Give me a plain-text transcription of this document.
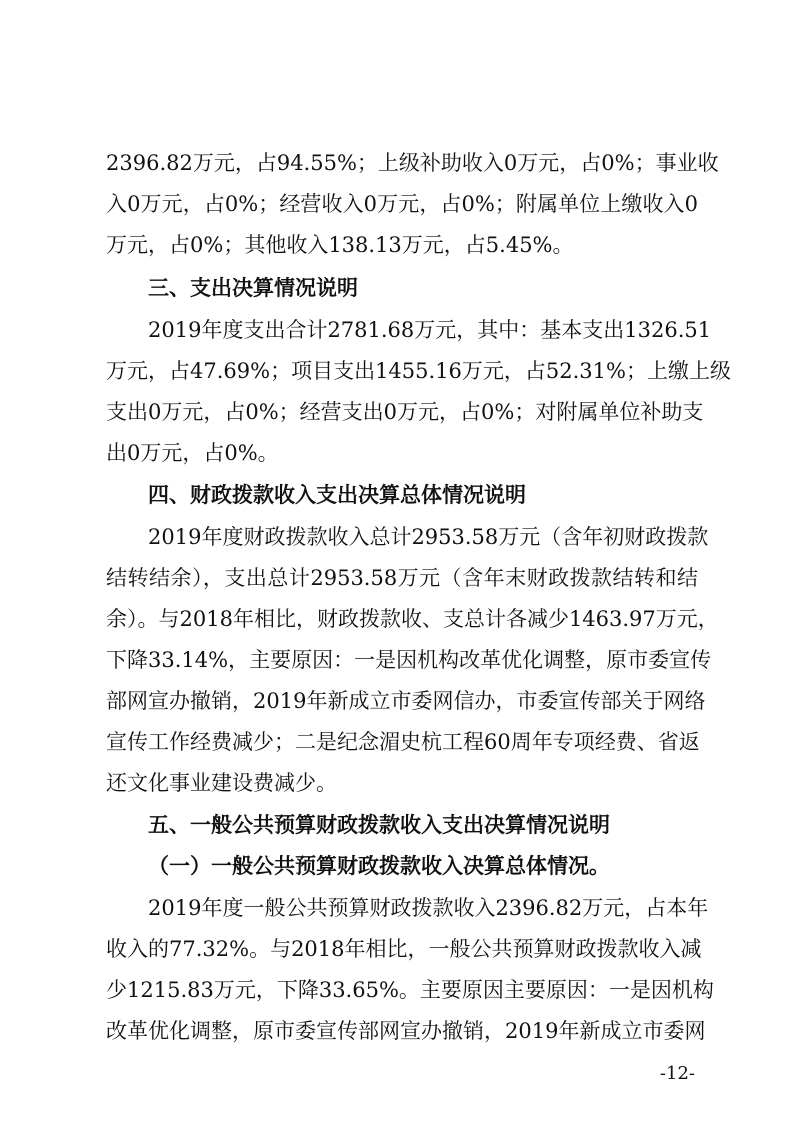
2396.82万元，占94.55%；上级补助收入0万元，占0%；事业收
入0万元，占0%；经营收入0万元，占0%；附属单位上缴收入0
万元，占0%；其他收入138.13万元，占5.45%。
三、支出决算情况说明
2019年度支出合计2781.68万元，其中：基本支出1326.51
万元，占47.69%；项目支出1455.16万元，占52.31%；上缴上级
支出0万元，占0%；经营支出0万元，占0%；对附属单位补助支
出0万元，占0%。
四、财政拨款收入支出决算总体情况说明
2019年度财政拨款收入总计2953.58万元（含年初财政拨款
结转结余），支出总计2953.58万元（含年末财政拨款结转和结
余）。与2018年相比，财政拨款收、支总计各减少1463.97万元，
下降33.14%，主要原因：一是因机构改革优化调整，原市委宣传
部网宣办撤销，2019年新成立市委网信办，市委宣传部关于网络
宣传工作经费减少；二是纪念湄史杭工程60周年专项经费、省返
还文化事业建设费减少。
五、一般公共预算财政拨款收入支出决算情况说明
（一）一般公共预算财政拨款收入决算总体情况。
2019年度一般公共预算财政拨款收入2396.82万元，占本年
收入的77.32%。与2018年相比，一般公共预算财政拨款收入减
少1215.83万元，下降33.65%。主要原因主要原因：一是因机构
改革优化调整，原市委宣传部网宣办撤销，2019年新成立市委网
-12-
